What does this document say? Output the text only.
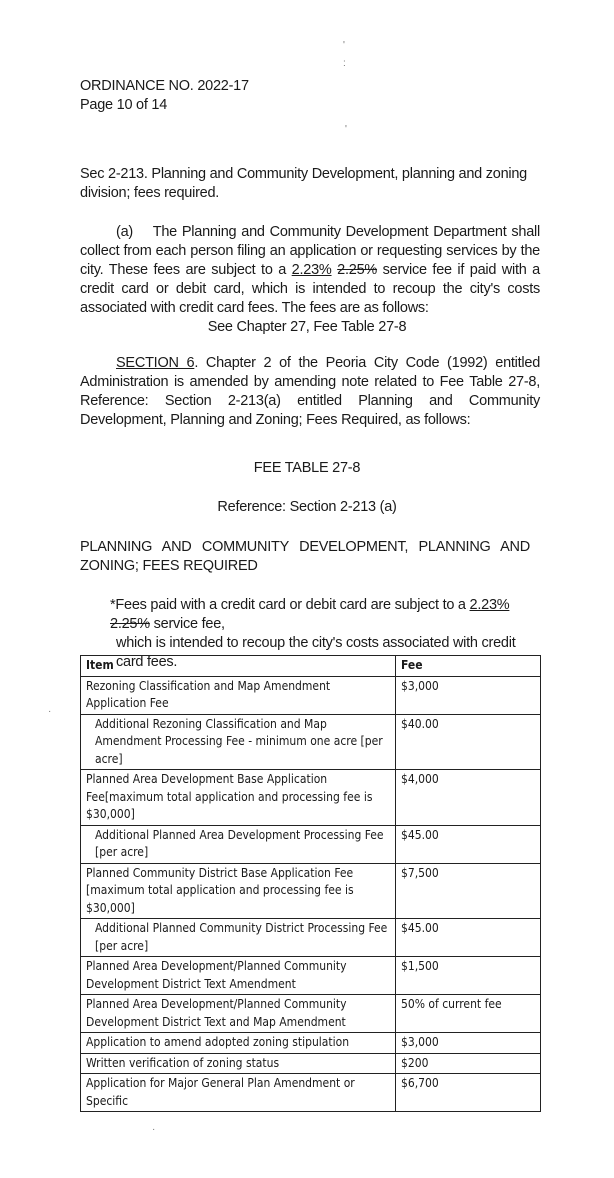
ORDINANCE NO. 2022-17
Page 10 of 14
Sec 2-213. Planning and Community Development, planning and zoning division; fees required.
(a) The Planning and Community Development Department shall collect from each person filing an application or requesting services by the city. These fees are subject to a 2.23% 2.25% service fee if paid with a credit card or debit card, which is intended to recoup the city's costs associated with credit card fees. The fees are as follows:
See Chapter 27, Fee Table 27-8
SECTION 6. Chapter 2 of the Peoria City Code (1992) entitled Administration is amended by amending note related to Fee Table 27-8, Reference: Section 2-213(a) entitled Planning and Community Development, Planning and Zoning; Fees Required, as follows:
FEE TABLE 27-8
Reference: Section 2-213 (a)
PLANNING AND COMMUNITY DEVELOPMENT, PLANNING AND ZONING; FEES REQUIRED
*Fees paid with a credit card or debit card are subject to a 2.23% 2.25% service fee,
which is intended to recoup the city's costs associated with credit card fees.
Item	Fee
Rezoning Classification and Map Amendment Application Fee	$3,000
Additional Rezoning Classification and Map Amendment Processing Fee - minimum one acre [per acre]	$40.00
Planned Area Development Base Application Fee[maximum total application and processing fee is $30,000]	$4,000
Additional Planned Area Development Processing Fee [per acre]	$45.00
Planned Community District Base Application Fee [maximum total application and processing fee is $30,000]	$7,500
Additional Planned Community District Processing Fee [per acre]	$45.00
Planned Area Development/Planned Community Development District Text Amendment	$1,500
Planned Area Development/Planned Community Development District Text and Map Amendment	50% of current fee
Application to amend adopted zoning stipulation	$3,000
Written verification of zoning status	$200
Application for Major General Plan Amendment or Specific	$6,700
'
:
'
·
·
